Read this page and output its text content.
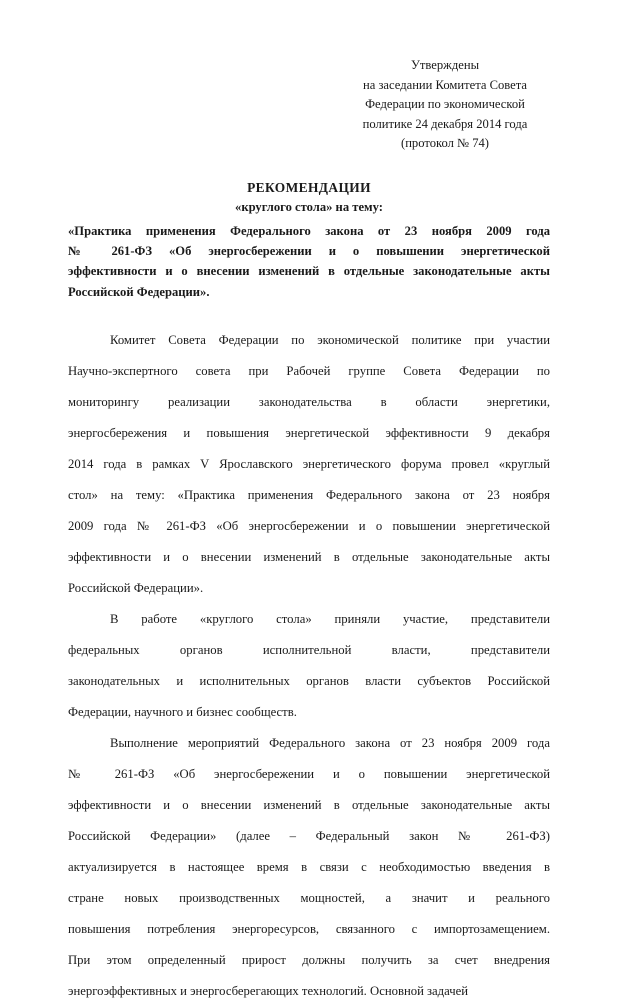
Утверждены
на заседании Комитета Совета
Федерации по экономической
политике 24 декабря 2014 года
(протокол № 74)
РЕКОМЕНДАЦИИ
«круглого стола» на тему:
«Практика применения Федерального закона от 23 ноября 2009 года
№ 261-ФЗ «Об энергосбережении и о повышении энергетической
эффективности и о внесении изменений в отдельные законодательные акты
Российской Федерации».

Комитет Совета Федерации по экономической политике при участии
Научно-экспертного совета при Рабочей группе Совета Федерации по
мониторингу реализации законодательства в области энергетики,
энергосбережения и повышения энергетической эффективности 9 декабря
2014 года в рамках V Ярославского энергетического форума провел «круглый
стол» на тему: «Практика применения Федерального закона от 23 ноября
2009 года № 261-ФЗ «Об энергосбережении и о повышении энергетической
эффективности и о внесении изменений в отдельные законодательные акты
Российской Федерации».

В работе «круглого стола» приняли участие, представители
федеральных органов исполнительной власти, представители
законодательных и исполнительных органов власти субъектов Российской
Федерации, научного и бизнес сообществ.

Выполнение мероприятий Федерального закона от 23 ноября 2009 года
№ 261-ФЗ «Об энергосбережении и о повышении энергетической
эффективности и о внесении изменений в отдельные законодательные акты
Российской Федерации» (далее – Федеральный закон № 261-ФЗ)
актуализируется в настоящее время в связи с необходимостью введения в
стране новых производственных мощностей, а значит и реального
повышения потребления энергоресурсов, связанного с импортозамещением.
При этом определенный прирост должны получить за счет внедрения
энергоэффективных и энергосберегающих технологий. Основной задачей
